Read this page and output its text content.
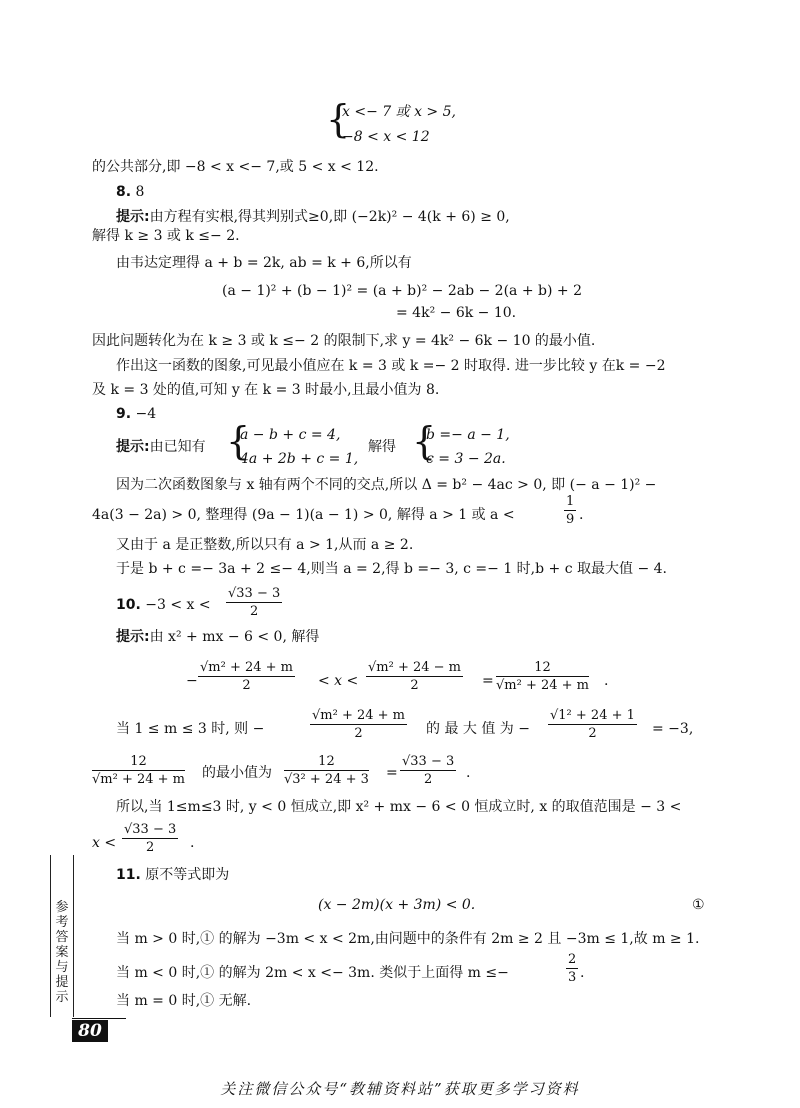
{
x <− 7 或 x > 5,
−8 < x < 12
的公共部分,即 −8 < x <− 7,或 5 < x < 12.
8. 8
提示:由方程有实根,得其判别式≥0,即 (−2k)² − 4(k + 6) ≥ 0,
解得 k ≥ 3 或 k ≤− 2.
由韦达定理得 a + b = 2k, ab = k + 6,所以有
(a − 1)² + (b − 1)² = (a + b)² − 2ab − 2(a + b) + 2
= 4k² − 6k − 10.
因此问题转化为在 k ≥ 3 或 k ≤− 2 的限制下,求 y = 4k² − 6k − 10 的最小值.
作出这一函数的图象,可见最小值应在 k = 3 或 k =− 2 时取得. 进一步比较 y 在k = −2
及 k = 3 处的值,可知 y 在 k = 3 时最小,且最小值为 8.
9. −4
提示:由已知有 {
a − b + c = 4,
4a + 2b + c = 1,
解得 {
b =− a − 1,
c = 3 − 2a.
因为二次函数图象与 x 轴有两个不同的交点,所以 Δ = b² − 4ac > 0, 即 (− a − 1)² −
4a(3 − 2a) > 0, 整理得 (9a − 1)(a − 1) > 0, 解得 a > 1 或 a <	$\frac{1}{9}$ .
又由于 a 是正整数,所以只有 a > 1,从而 a ≥ 2.
于是 b + c =− 3a + 2 ≤− 4,则当 a = 2,得 b =− 3, c =− 1 时,b + c 取最大值 − 4.
10. $-3 < x < \frac{√33 - 3}{2}$
提示:由 x² + mx − 6 < 0, 解得
− $\frac{\text{√m² + 24 + m}}{2} < x < \frac{\text{√m² + 24 − m}}{2} = \frac{12}{\text{√m² + 24 + m}}$ .
当 1 ≤ m ≤ 3 时, 则 −	$\frac{\text{√m² + 24 + m}}{2}$ 的 最 大 值 为 − $\frac{\text{√1² + 24 + 1}}{2} = -3$,
$\frac{12}{\text{√m² + 24 + m}}$ 的最小值为 $\frac{12}{\text{√3² + 24 + 3}} = \frac{√33 - 3}{2}$ .
所以,当 1≤m≤3 时, y < 0 恒成立,即 x² + mx − 6 < 0 恒成立时, x 的取值范围是 − 3 <
$x < \frac{√33 - 3}{2}$ .
11. 原不等式即为
(x − 2m)(x + 3m) < 0.	①
当 m > 0 时,① 的解为 −3m < x < 2m,由问题中的条件有 2m ≥ 2 且 −3m ≤ 1,故 m ≥ 1.
当 m < 0 时,① 的解为 2m < x <− 3m. 类似于上面得 m ≤−	$\frac{2}{3}$ .
当 m = 0 时,① 无解.
参考答案与提示
80
关注微信公众号“教辅资料站”获取更多学习资料
